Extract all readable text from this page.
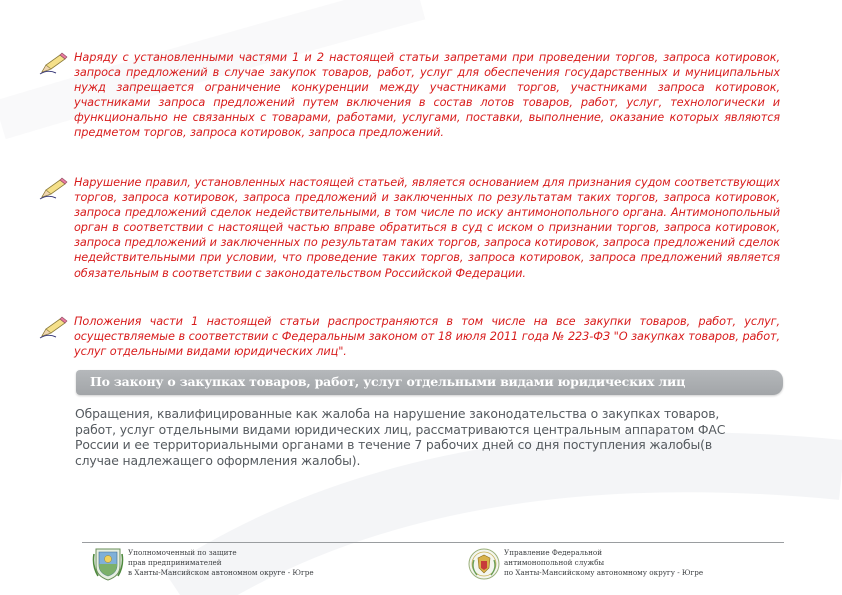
Наряду с установленными частями 1 и 2 настоящей статьи запретами при проведении торгов, запроса котировок, запроса предложений в случае закупок товаров, работ, услуг для обеспечения государственных и муниципальных нужд запрещается ограничение конкуренции между участниками торгов, участниками запроса котировок, участниками запроса предложений путем включения в состав лотов товаров, работ, услуг, технологически и функционально не связанных с товарами, работами, услугами, поставки, выполнение, оказание которых являются предметом торгов, запроса котировок, запроса предложений.

Нарушение правил, установленных настоящей статьей, является основанием для признания судом соответствующих торгов, запроса котировок, запроса предложений и заключенных по результатам таких торгов, запроса котировок, запроса предложений сделок недействительными, в том числе по иску антимонопольного органа. Антимонопольный орган в соответствии с настоящей частью вправе обратиться в суд с иском о признании торгов, запроса котировок, запроса предложений и заключенных по результатам таких торгов, запроса котировок, запроса предложений сделок недействительными при условии, что проведение таких торгов, запроса котировок, запроса предложений является обязательным в соответствии с законодательством Российской Федерации.

Положения части 1 настоящей статьи распространяются в том числе на все закупки товаров, работ, услуг, осуществляемые в соответствии с Федеральным законом от 18 июля 2011 года № 223-ФЗ "О закупках товаров, работ, услуг отдельными видами юридических лиц".

По закону о закупках товаров, работ, услуг отдельными видами юридических лиц

Обращения, квалифицированные как жалоба на нарушение законодательства о закупках товаров, работ, услуг отдельными видами юридических лиц, рассматриваются центральным аппаратом ФАС России и ее территориальными органами в течение 7 рабочих дней со дня поступления жалобы(в случае надлежащего оформления жалобы).

Уполномоченный по защите
прав предпринимателей
в Ханты-Мансийском автономном округе - Югре
Управление Федеральной
антимонопольной службы
по Ханты-Мансийскому автономному округу - Югре
